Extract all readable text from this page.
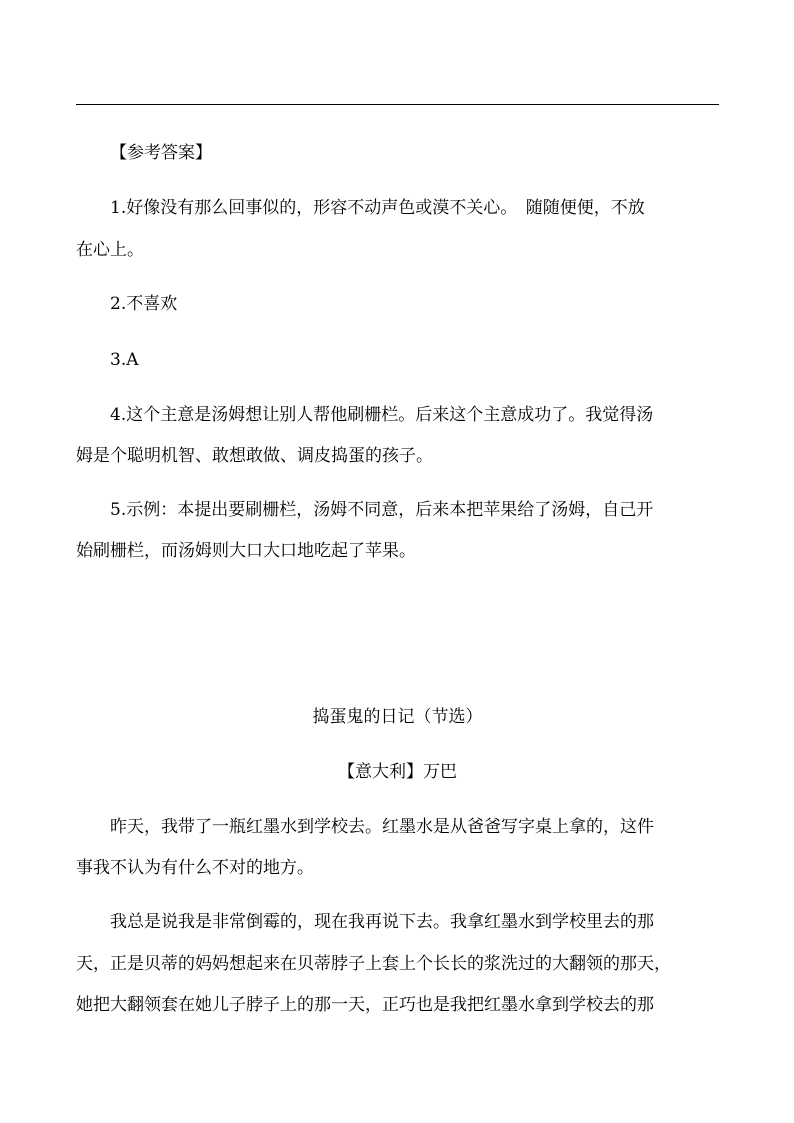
【参考答案】
1.好像没有那么回事似的，形容不动声色或漠不关心。　随随便便，不放
在心上。
2.不喜欢
3.A
4.这个主意是汤姆想让别人帮他刷栅栏。后来这个主意成功了。我觉得汤
姆是个聪明机智、敢想敢做、调皮捣蛋的孩子。
5.示例：本提出要刷栅栏，汤姆不同意，后来本把苹果给了汤姆，自己开
始刷栅栏，而汤姆则大口大口地吃起了苹果。
捣蛋鬼的日记（节选）
【意大利】万巴
昨天，我带了一瓶红墨水到学校去。红墨水是从爸爸写字桌上拿的，这件
事我不认为有什么不对的地方。
我总是说我是非常倒霉的，现在我再说下去。我拿红墨水到学校里去的那
天，正是贝蒂的妈妈想起来在贝蒂脖子上套上个长长的浆洗过的大翻领的那天，
她把大翻领套在她儿子脖子上的那一天，正巧也是我把红墨水拿到学校去的那
